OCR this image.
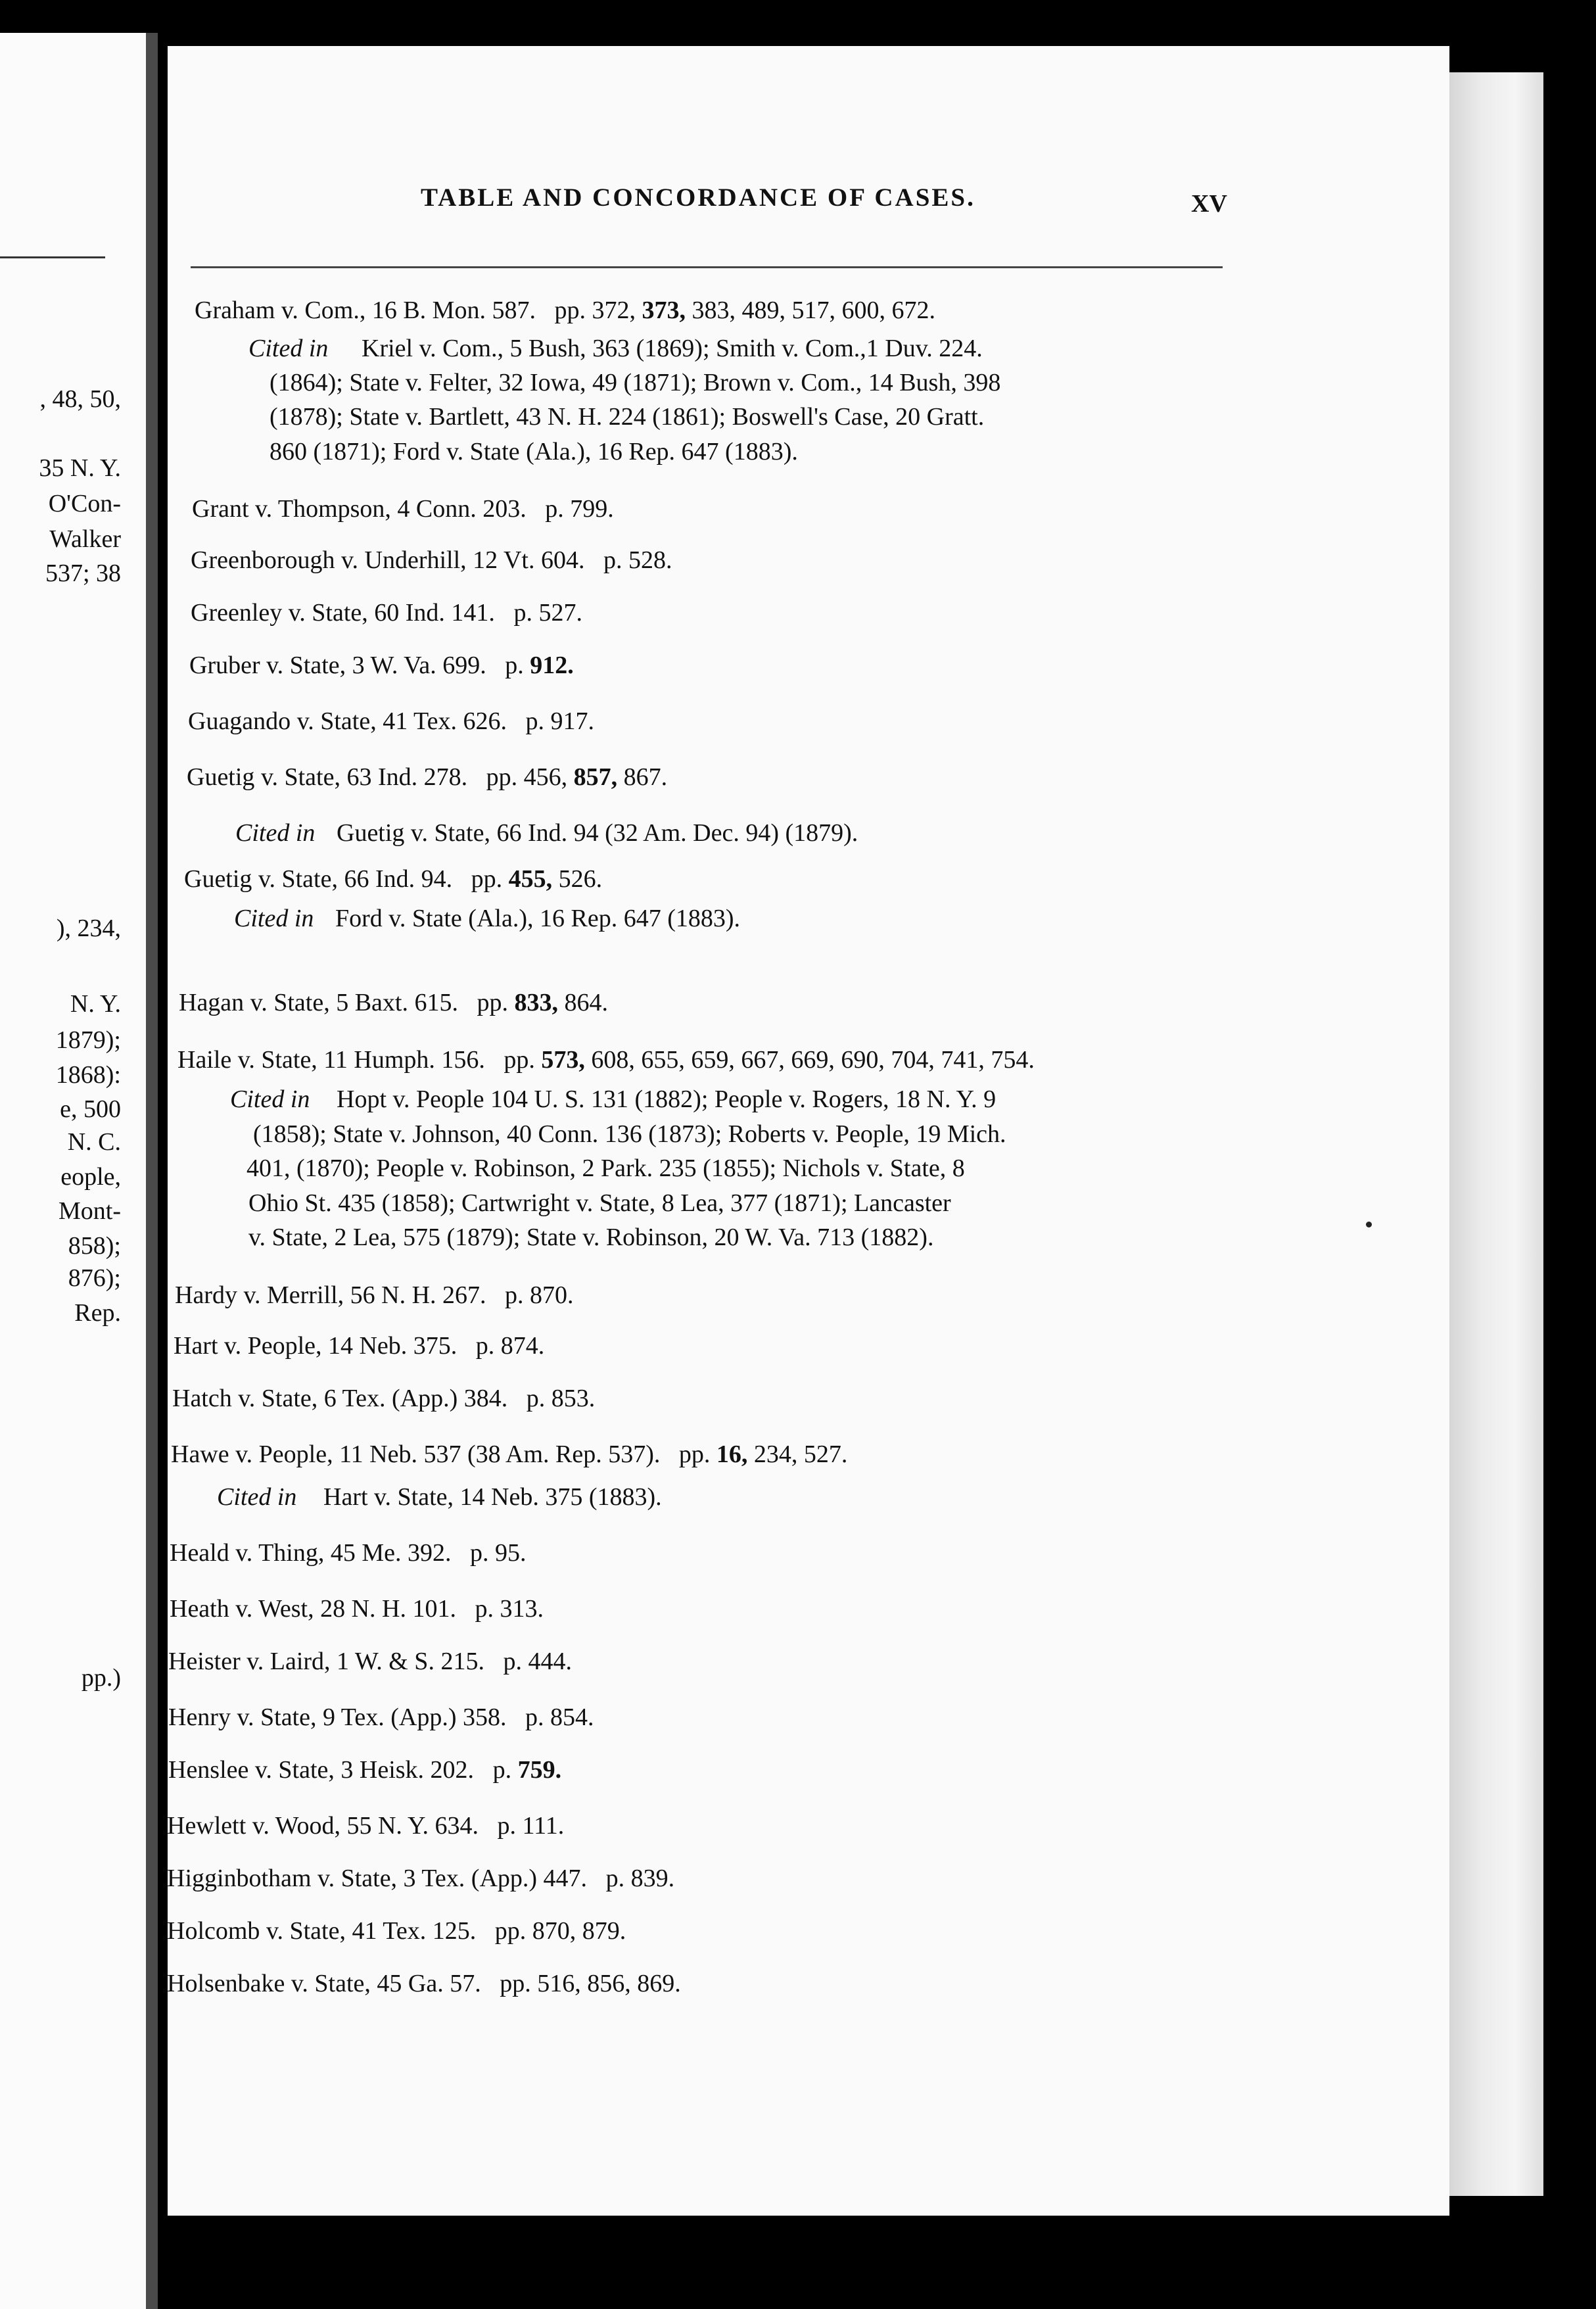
, 48, 50,
35 N. Y.
O'Con-
Walker
537; 38
), 234,
N. Y.
1879);
1868):
e, 500
N. C.
eople,
Mont-
858);
876);
Rep.
pp.)
TABLE AND CONCORDANCE OF CASES.	XV
Graham v. Com., 16 B. Mon. 587. pp. 372, 373, 383, 489, 517, 600, 672.
Cited in Kriel v. Com., 5 Bush, 363 (1869); Smith v. Com.,1 Duv. 224.
(1864); State v. Felter, 32 Iowa, 49 (1871); Brown v. Com., 14 Bush, 398
(1878); State v. Bartlett, 43 N. H. 224 (1861); Boswell's Case, 20 Gratt.
860 (1871); Ford v. State (Ala.), 16 Rep. 647 (1883).
Grant v. Thompson, 4 Conn. 203. p. 799.
Greenborough v. Underhill, 12 Vt. 604. p. 528.
Greenley v. State, 60 Ind. 141. p. 527.
Gruber v. State, 3 W. Va. 699. p. 912.
Guagando v. State, 41 Tex. 626. p. 917.
Guetig v. State, 63 Ind. 278. pp. 456, 857, 867.
Cited in Guetig v. State, 66 Ind. 94 (32 Am. Dec. 94) (1879).
Guetig v. State, 66 Ind. 94. pp. 455, 526.
Cited in Ford v. State (Ala.), 16 Rep. 647 (1883).
Hagan v. State, 5 Baxt. 615. pp. 833, 864.
Haile v. State, 11 Humph. 156. pp. 573, 608, 655, 659, 667, 669, 690, 704, 741, 754.
Cited in Hopt v. People 104 U. S. 131 (1882); People v. Rogers, 18 N. Y. 9
(1858); State v. Johnson, 40 Conn. 136 (1873); Roberts v. People, 19 Mich.
401, (1870); People v. Robinson, 2 Park. 235 (1855); Nichols v. State, 8
Ohio St. 435 (1858); Cartwright v. State, 8 Lea, 377 (1871); Lancaster
v. State, 2 Lea, 575 (1879); State v. Robinson, 20 W. Va. 713 (1882).
Hardy v. Merrill, 56 N. H. 267. p. 870.
Hart v. People, 14 Neb. 375. p. 874.
Hatch v. State, 6 Tex. (App.) 384. p. 853.
Hawe v. People, 11 Neb. 537 (38 Am. Rep. 537). pp. 16, 234, 527.
Cited in Hart v. State, 14 Neb. 375 (1883).
Heald v. Thing, 45 Me. 392. p. 95.
Heath v. West, 28 N. H. 101. p. 313.
Heister v. Laird, 1 W. & S. 215. p. 444.
Henry v. State, 9 Tex. (App.) 358. p. 854.
Henslee v. State, 3 Heisk. 202. p. 759.
Hewlett v. Wood, 55 N. Y. 634. p. 111.
Higginbotham v. State, 3 Tex. (App.) 447. p. 839.
Holcomb v. State, 41 Tex. 125. pp. 870, 879.
Holsenbake v. State, 45 Ga. 57. pp. 516, 856, 869.
